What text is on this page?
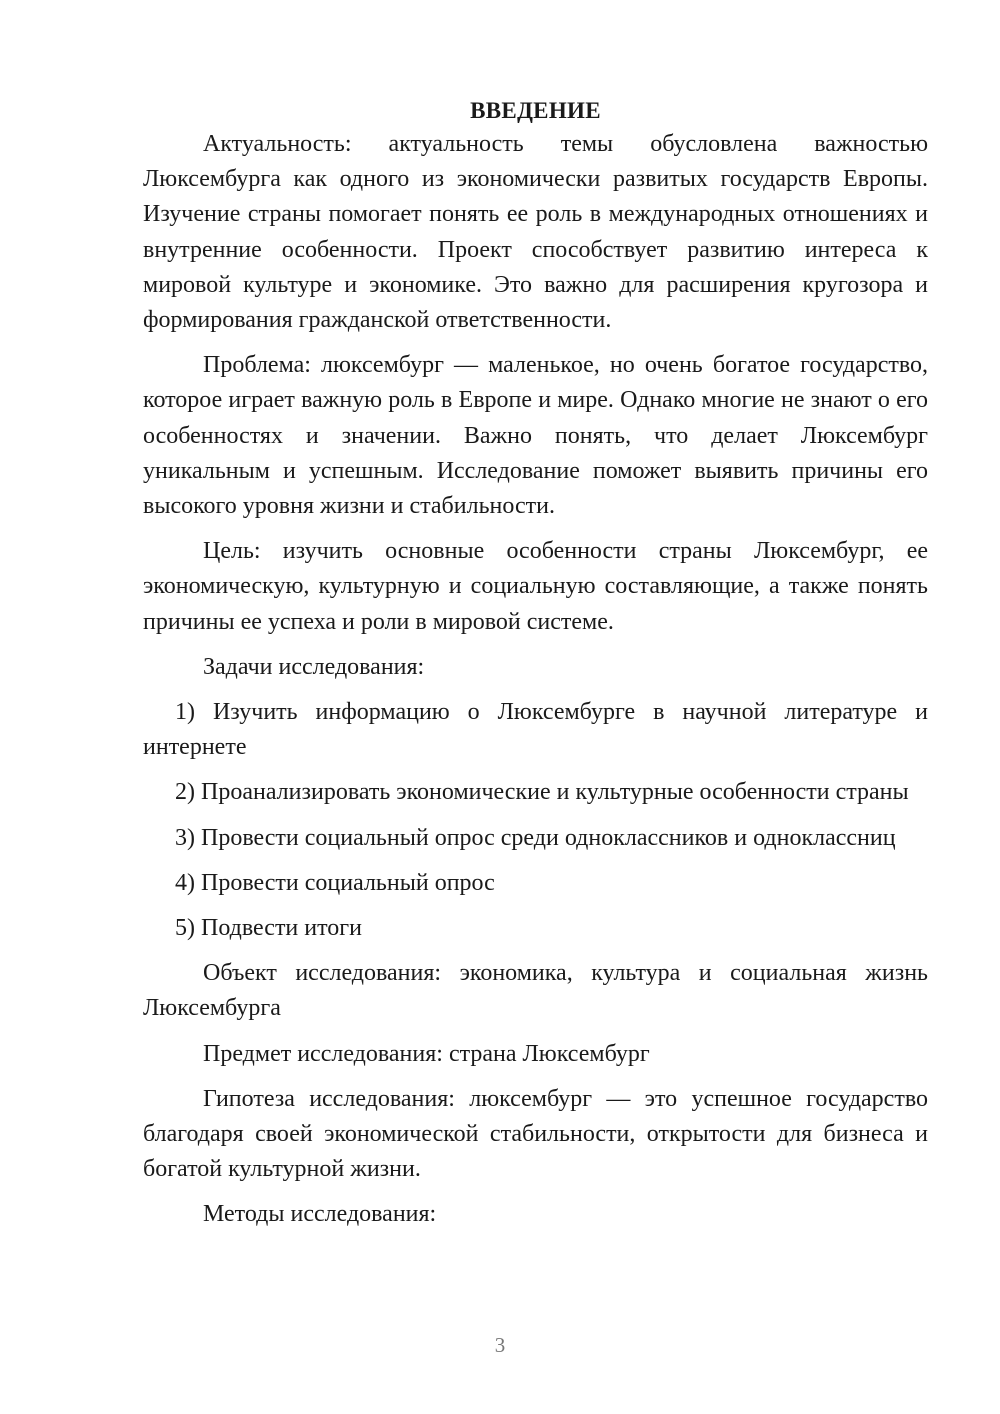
ВВЕДЕНИЕ

Актуальность: актуальность темы обусловлена важностью Люксембурга как одного из экономически развитых государств Европы. Изучение страны помогает понять ее роль в международных отношениях и внутренние особенности. Проект способствует развитию интереса к мировой культуре и экономике. Это важно для расширения кругозора и формирования гражданской ответственности.

Проблема: люксембург — маленькое, но очень богатое государство, которое играет важную роль в Европе и мире. Однако многие не знают о его особенностях и значении. Важно понять, что делает Люксембург уникальным и успешным. Исследование поможет выявить причины его высокого уровня жизни и стабильности.

Цель: изучить основные особенности страны Люксембург, ее экономическую, культурную и социальную составляющие, а также понять причины ее успеха и роли в мировой системе.

Задачи исследования:

1) Изучить информацию о Люксембурге в научной литературе и интернете

2) Проанализировать экономические и культурные особенности страны

3) Провести социальный опрос среди одноклассников и одноклассниц

4) Провести социальный опрос

5) Подвести итоги

Объект исследования: экономика, культура и социальная жизнь Люксембурга

Предмет исследования: страна Люксембург

Гипотеза исследования: люксембург — это успешное государство благодаря своей экономической стабильности, открытости для бизнеса и богатой культурной жизни.

Методы исследования:

3
